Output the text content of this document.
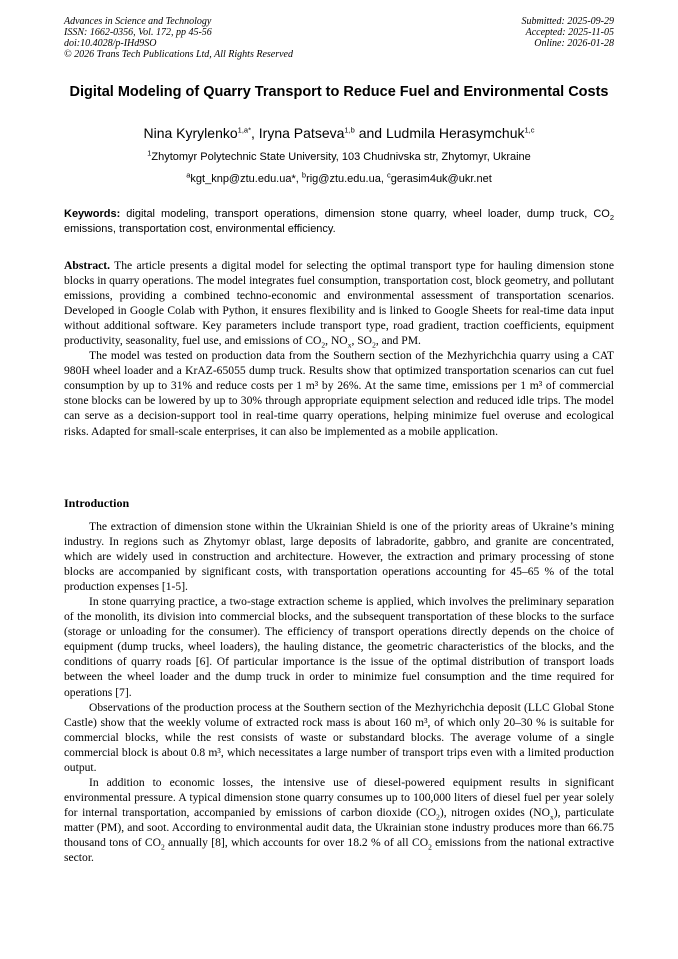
Advances in Science and Technology
ISSN: 1662-0356, Vol. 172, pp 45-56
doi:10.4028/p-IHd9SO
© 2026 Trans Tech Publications Ltd, All Rights Reserved
Submitted: 2025-09-29
Accepted: 2025-11-05
Online: 2026-01-28
Digital Modeling of Quarry Transport to Reduce Fuel and Environmental Costs
Nina Kyrylenko$^{1,a*}$, Iryna Patseva$^{1,b}$ and Ludmila Herasymchuk$^{1,c}$
$^1$Zhytomyr Polytechnic State University, 103 Chudnivska str, Zhytomyr, Ukraine
$^a$kgt_knp@ztu.edu.ua*, $^b$rig@ztu.edu.ua, $^c$gerasim4uk@ukr.net
Keywords: digital modeling, transport operations, dimension stone quarry, wheel loader, dump truck, $CO_2$ emissions, transportation cost, environmental efficiency.

Abstract. The article presents a digital model for selecting the optimal transport type for hauling dimension stone blocks in quarry operations. The model integrates fuel consumption, transportation cost, block geometry, and pollutant emissions, providing a combined techno-economic and environmental assessment of transportation scenarios. Developed in Google Colab with Python, it ensures flexibility and is linked to Google Sheets for real-time data input without additional software. Key parameters include transport type, road gradient, traction coefficients, equipment productivity, seasonality, fuel use, and emissions of $CO_2$, $NO_x$, $SO_2$, and PM.

The model was tested on production data from the Southern section of the Mezhyrichchia quarry using a CAT 980H wheel loader and a KrAZ-65055 dump truck. Results show that optimized transportation scenarios can cut fuel consumption by up to 31% and reduce costs per 1 m³ by 26%. At the same time, emissions per 1 m³ of commercial stone blocks can be lowered by up to 30% through appropriate equipment selection and reduced idle trips. The model can serve as a decision-support tool in real-time quarry operations, helping minimize fuel overuse and ecological risks. Adapted for small-scale enterprises, it can also be implemented as a mobile application.

Introduction

The extraction of dimension stone within the Ukrainian Shield is one of the priority areas of Ukraine’s mining industry. In regions such as Zhytomyr oblast, large deposits of labradorite, gabbro, and granite are concentrated, which are widely used in construction and architecture. However, the extraction and primary processing of stone blocks are accompanied by significant costs, with transportation operations accounting for 45–65 % of the total production expenses [1-5].

In stone quarrying practice, a two-stage extraction scheme is applied, which involves the preliminary separation of the monolith, its division into commercial blocks, and the subsequent transportation of these blocks to the surface (storage or unloading for the consumer). The efficiency of transport operations directly depends on the choice of equipment (dump trucks, wheel loaders), the hauling distance, the geometric characteristics of the blocks, and the conditions of quarry roads [6]. Of particular importance is the issue of the optimal distribution of transport loads between the wheel loader and the dump truck in order to minimize fuel consumption and the time required for operations [7].

Observations of the production process at the Southern section of the Mezhyrichchia deposit (LLC Global Stone Castle) show that the weekly volume of extracted rock mass is about 160 m³, of which only 20–30 % is suitable for commercial blocks, while the rest consists of waste or substandard blocks. The average volume of a single commercial block is about 0.8 m³, which necessitates a large number of transport trips even with a limited production output.

In addition to economic losses, the intensive use of diesel-powered equipment results in significant environmental pressure. A typical dimension stone quarry consumes up to 100,000 liters of diesel fuel per year solely for internal transportation, accompanied by emissions of carbon dioxide $(CO_2)$, nitrogen oxides $(NO_x)$, particulate matter (PM), and soot. According to environmental audit data, the Ukrainian stone industry produces more than 66.75 thousand tons of $CO_2$ annually [8], which accounts for over 18.2 % of all $CO_2$ emissions from the national extractive sector.
